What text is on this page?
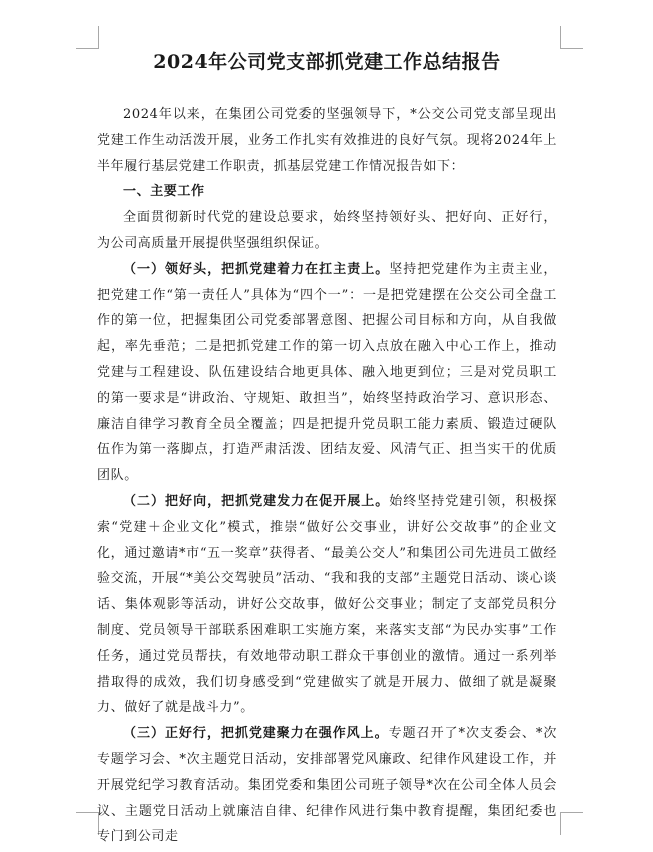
2024年公司党支部抓党建工作总结报告

2024年以来，在集团公司党委的坚强领导下，*公交公司党支部呈现出党建工作生动活泼开展，业务工作扎实有效推进的良好气氛。现将2024年上半年履行基层党建工作职责，抓基层党建工作情况报告如下：

一、主要工作

全面贯彻新时代党的建设总要求，始终坚持领好头、把好向、正好行，为公司高质量开展提供坚强组织保证。

（一）领好头，把抓党建着力在扛主责上。坚持把党建作为主责主业，把党建工作“第一责任人”具体为“四个一”：一是把党建摆在公交公司全盘工作的第一位，把握集团公司党委部署意图、把握公司目标和方向，从自我做起，率先垂范；二是把抓党建工作的第一切入点放在融入中心工作上，推动党建与工程建设、队伍建设结合地更具体、融入地更到位；三是对党员职工的第一要求是“讲政治、守规矩、敢担当”，始终坚持政治学习、意识形态、廉洁自律学习教育全员全覆盖；四是把提升党员职工能力素质、锻造过硬队伍作为第一落脚点，打造严肃活泼、团结友爱、风清气正、担当实干的优质团队。

（二）把好向，把抓党建发力在促开展上。始终坚持党建引领，积极探索“党建＋企业文化”模式，推崇“做好公交事业，讲好公交故事”的企业文化，通过邀请*市“五一奖章”获得者、“最美公交人”和集团公司先进员工做经验交流，开展“*美公交驾驶员”活动、“我和我的支部”主题党日活动、谈心谈话、集体观影等活动，讲好公交故事，做好公交事业；制定了支部党员积分制度、党员领导干部联系困难职工实施方案，来落实支部“为民办实事”工作任务，通过党员帮扶，有效地带动职工群众干事创业的激情。通过一系列举措取得的成效，我们切身感受到“党建做实了就是开展力、做细了就是凝聚力、做好了就是战斗力”。

（三）正好行，把抓党建聚力在强作风上。专题召开了*次支委会、*次专题学习会、*次主题党日活动，安排部署党风廉政、纪律作风建设工作，并开展党纪学习教育活动。集团党委和集团公司班子领导*次在公司全体人员会议、主题党日活动上就廉洁自律、纪律作风进行集中教育提醒，集团纪委也专门到公司走
